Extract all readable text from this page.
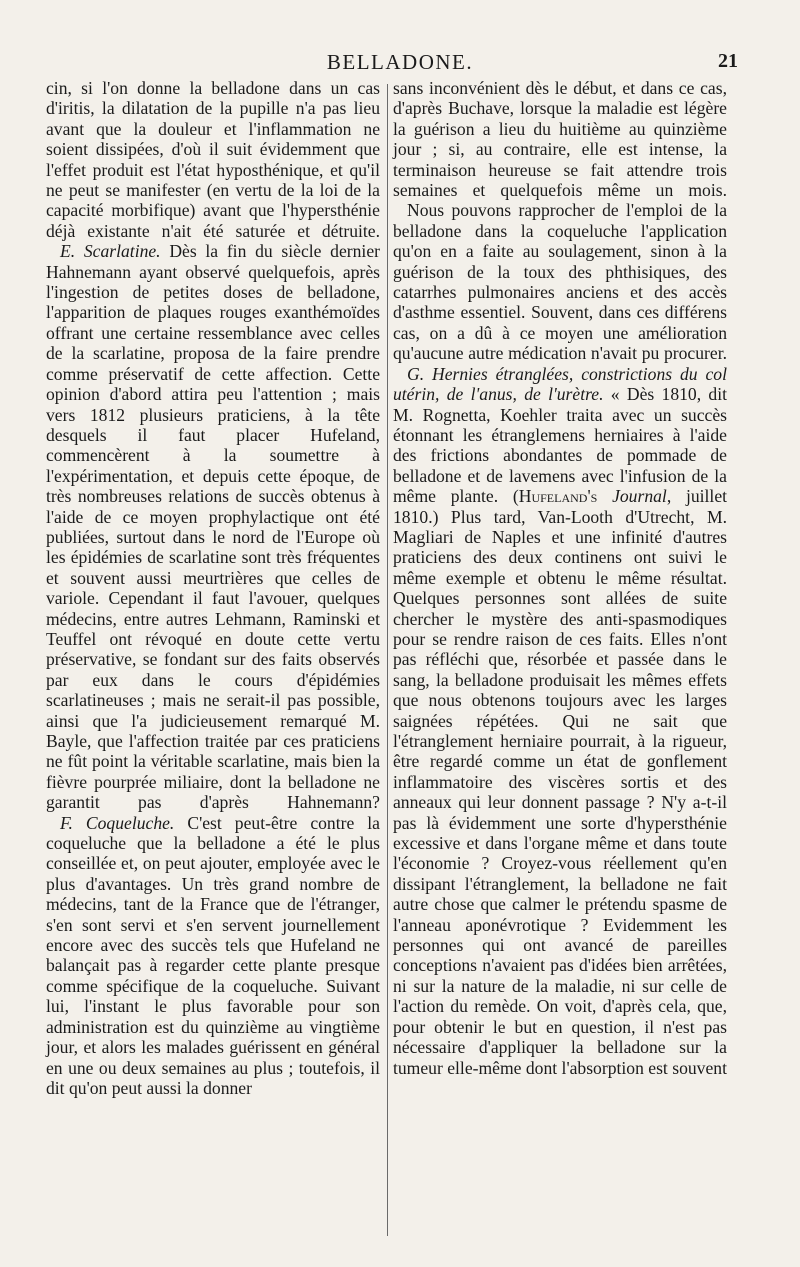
BELLADONE.	21

cin, si l'on donne la belladone dans un cas d'iritis, la dilatation de la pupille n'a pas lieu avant que la douleur et l'inflammation ne soient dissipées, d'où il suit évidemment que l'effet produit est l'état hyposthénique, et qu'il ne peut se manifester (en vertu de la loi de la capacité morbifique) avant que l'hypersthénie déjà existante n'ait été saturée et détruite.

E. Scarlatine. Dès la fin du siècle dernier Hahnemann ayant observé quelquefois, après l'ingestion de petites doses de belladone, l'apparition de plaques rouges exanthémoïdes offrant une certaine ressemblance avec celles de la scarlatine, proposa de la faire prendre comme préservatif de cette affection. Cette opinion d'abord attira peu l'attention ; mais vers 1812 plusieurs praticiens, à la tête desquels il faut placer Hufeland, commencèrent à la soumettre à l'expérimentation, et depuis cette époque, de très nombreuses relations de succès obtenus à l'aide de ce moyen prophylactique ont été publiées, surtout dans le nord de l'Europe où les épidémies de scarlatine sont très fréquentes et souvent aussi meurtrières que celles de variole. Cependant il faut l'avouer, quelques médecins, entre autres Lehmann, Raminski et Teuffel ont révoqué en doute cette vertu préservative, se fondant sur des faits observés par eux dans le cours d'épidémies scarlatineuses ; mais ne serait-il pas possible, ainsi que l'a judicieusement remarqué M. Bayle, que l'affection traitée par ces praticiens ne fût point la véritable scarlatine, mais bien la fièvre pourprée miliaire, dont la belladone ne garantit pas d'après Hahnemann?

F. Coqueluche. C'est peut-être contre la coqueluche que la belladone a été le plus conseillée et, on peut ajouter, employée avec le plus d'avantages. Un très grand nombre de médecins, tant de la France que de l'étranger, s'en sont servi et s'en servent journellement encore avec des succès tels que Hufeland ne balançait pas à regarder cette plante presque comme spécifique de la coqueluche. Suivant lui, l'instant le plus favorable pour son administration est du quinzième au vingtième jour, et alors les malades guérissent en général en une ou deux semaines au plus ; toutefois, il dit qu'on peut aussi la donner

sans inconvénient dès le début, et dans ce cas, d'après Buchave, lorsque la maladie est légère la guérison a lieu du huitième au quinzième jour ; si, au contraire, elle est intense, la terminaison heureuse se fait attendre trois semaines et quelquefois même un mois.

Nous pouvons rapprocher de l'emploi de la belladone dans la coqueluche l'application qu'on en a faite au soulagement, sinon à la guérison de la toux des phthisiques, des catarrhes pulmonaires anciens et des accès d'asthme essentiel. Souvent, dans ces différens cas, on a dû à ce moyen une amélioration qu'aucune autre médication n'avait pu procurer.

G. Hernies étranglées, constrictions du col utérin, de l'anus, de l'urètre. « Dès 1810, dit M. Rognetta, Koehler traita avec un succès étonnant les étranglemens herniaires à l'aide des frictions abondantes de pommade de belladone et de lavemens avec l'infusion de la même plante. (Hufeland's Journal, juillet 1810.) Plus tard, Van-Looth d'Utrecht, M. Magliari de Naples et une infinité d'autres praticiens des deux continens ont suivi le même exemple et obtenu le même résultat. Quelques personnes sont allées de suite chercher le mystère des anti-spasmodiques pour se rendre raison de ces faits. Elles n'ont pas réfléchi que, résorbée et passée dans le sang, la belladone produisait les mêmes effets que nous obtenons toujours avec les larges saignées répétées. Qui ne sait que l'étranglement herniaire pourrait, à la rigueur, être regardé comme un état de gonflement inflammatoire des viscères sortis et des anneaux qui leur donnent passage ? N'y a-t-il pas là évidemment une sorte d'hypersthénie excessive et dans l'organe même et dans toute l'économie ? Croyez-vous réellement qu'en dissipant l'étranglement, la belladone ne fait autre chose que calmer le prétendu spasme de l'anneau aponévrotique ? Evidemment les personnes qui ont avancé de pareilles conceptions n'avaient pas d'idées bien arrêtées, ni sur la nature de la maladie, ni sur celle de l'action du remède. On voit, d'après cela, que, pour obtenir le but en question, il n'est pas nécessaire d'appliquer la belladone sur la tumeur elle-même dont l'absorption est souvent
